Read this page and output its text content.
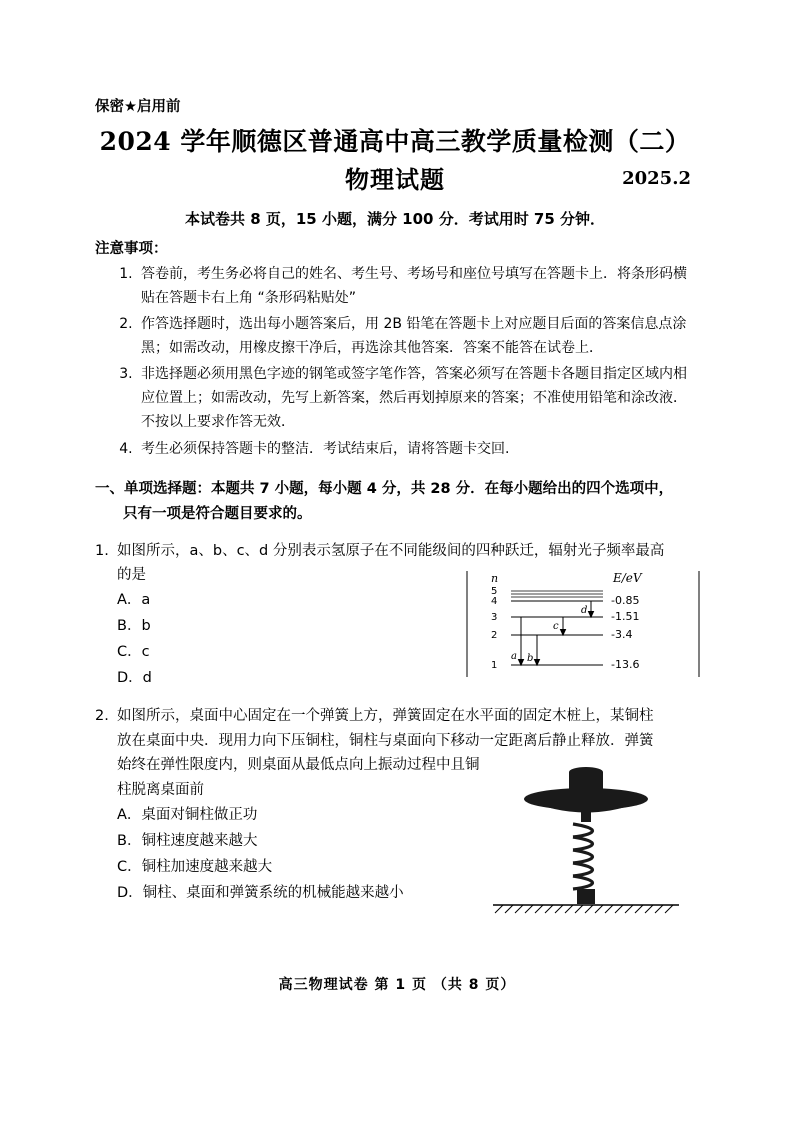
保密★启用前
2024 学年顺德区普通高中高三教学质量检测（二）
物理试题	2025.2
本试卷共 8 页，15 小题，满分 100 分．考试用时 75 分钟．
注意事项：
1. 答卷前，考生务必将自己的姓名、考生号、考场号和座位号填写在答题卡上．将条形码横贴在答题卡右上角 “条形码粘贴处”
2. 作答选择题时，选出每小题答案后，用 2B 铅笔在答题卡上对应题目后面的答案信息点涂黑；如需改动，用橡皮擦干净后，再选涂其他答案．答案不能答在试卷上．
3. 非选择题必须用黑色字迹的钢笔或签字笔作答，答案必须写在答题卡各题目指定区域内相应位置上；如需改动，先写上新答案，然后再划掉原来的答案；不准使用铅笔和涂改液．不按以上要求作答无效．
4. 考生必须保持答题卡的整洁．考试结束后，请将答题卡交回.
一、单项选择题：本题共 7 小题，每小题 4 分，共 28 分．在每小题给出的四个选项中，
只有一项是符合题目要求的。
1. 如图所示，a、b、c、d 分别表示氢原子在不同能级间的四种跃迁，辐射光子频率最高
的是
A．a
B．b
C．c
D．d
n	E/eV
5
4	-0.85
3	-1.51
2	-3.4
1	-13.6
d
c
b
a
2. 如图所示，桌面中心固定在一个弹簧上方，弹簧固定在水平面的固定木桩上，某铜柱
放在桌面中央．现用力向下压铜柱，铜柱与桌面向下移动一定距离后静止释放．弹簧
始终在弹性限度内，则桌面从最低点向上振动过程中且铜
柱脱离桌面前
A．桌面对铜柱做正功
B．铜柱速度越来越大
C．铜柱加速度越来越大
D．铜柱、桌面和弹簧系统的机械能越来越小
高三物理试卷 第 1 页 （共 8 页）
